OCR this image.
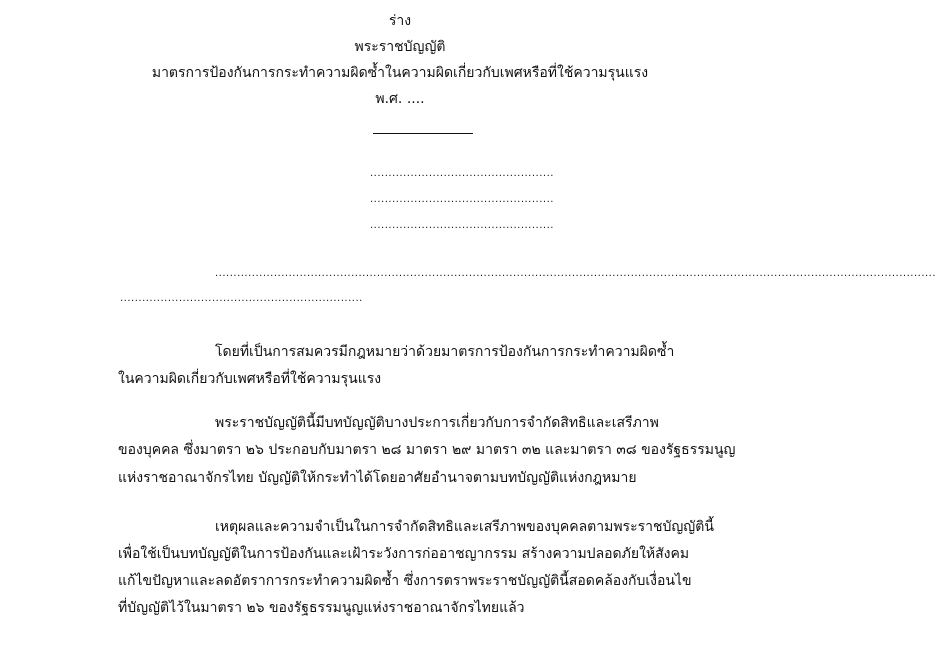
ร่าง
พระราชบัญญัติ
มาตรการป้องกันการกระทำความผิดซ้ำในความผิดเกี่ยวกับเพศหรือที่ใช้ความรุนแรง
พ.ศ. ....
..................................................
..................................................
..................................................
....................................................................................................................................................................................................
..................................................................
โดยที่เป็นการสมควรมีกฎหมายว่าด้วยมาตรการป้องกันการกระทำความผิดซ้ำ
ในความผิดเกี่ยวกับเพศหรือที่ใช้ความรุนแรง
พระราชบัญญัตินี้มีบทบัญญัติบางประการเกี่ยวกับการจำกัดสิทธิและเสรีภาพ
ของบุคคล ซึ่งมาตรา ๒๖ ประกอบกับมาตรา ๒๘ มาตรา ๒๙ มาตรา ๓๒ และมาตรา ๓๘ ของรัฐธรรมนูญ
แห่งราชอาณาจักรไทย บัญญัติให้กระทำได้โดยอาศัยอำนาจตามบทบัญญัติแห่งกฎหมาย
เหตุผลและความจำเป็นในการจำกัดสิทธิและเสรีภาพของบุคคลตามพระราชบัญญัตินี้
เพื่อใช้เป็นบทบัญญัติในการป้องกันและเฝ้าระวังการก่ออาชญากรรม สร้างความปลอดภัยให้สังคม
แก้ไขปัญหาและลดอัตราการกระทำความผิดซ้ำ ซึ่งการตราพระราชบัญญัตินี้สอดคล้องกับเงื่อนไข
ที่บัญญัติไว้ในมาตรา ๒๖ ของรัฐธรรมนูญแห่งราชอาณาจักรไทยแล้ว
